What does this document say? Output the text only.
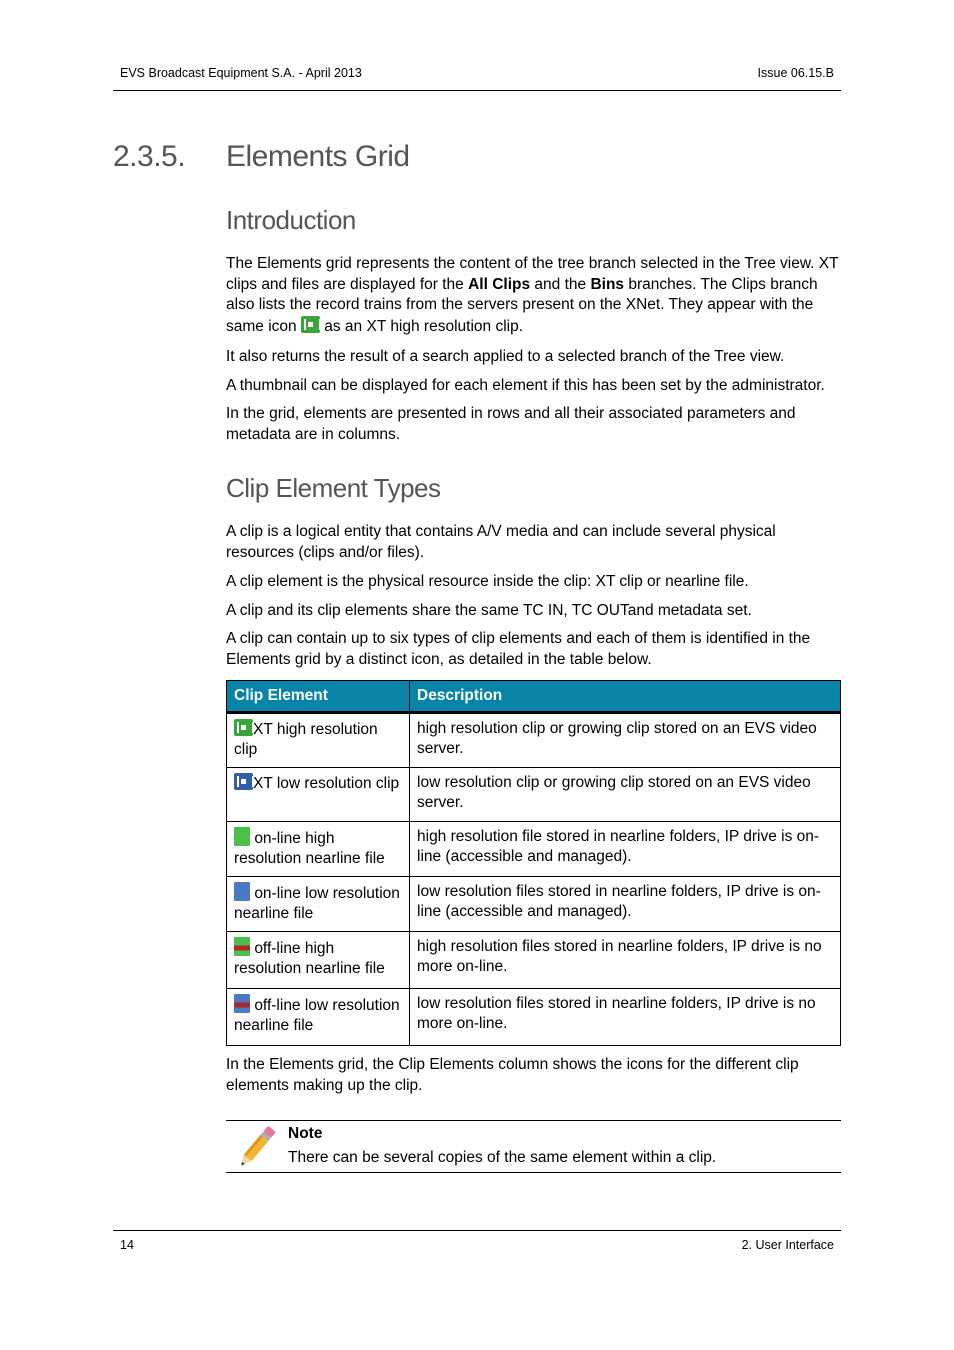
EVS Broadcast Equipment S.A. - April 2013	Issue 06.15.B
2.3.5. Elements Grid
Introduction
The Elements grid represents the content of the tree branch selected in the Tree view. XT clips and files are displayed for the All Clips and the Bins branches. The Clips branch also lists the record trains from the servers present on the XNet. They appear with the same icon  as an XT high resolution clip.
It also returns the result of a search applied to a selected branch of the Tree view.
A thumbnail can be displayed for each element if this has been set by the administrator.
In the grid, elements are presented in rows and all their associated parameters and metadata are in columns.
Clip Element Types
A clip is a logical entity that contains A/V media and can include several physical resources (clips and/or files).
A clip element is the physical resource inside the clip: XT clip or nearline file.
A clip and its clip elements share the same TC IN, TC OUTand metadata set.
A clip can contain up to six types of clip elements and each of them is identified in the Elements grid by a distinct icon, as detailed in the table below.
Clip Element	Description
XT high resolution clip	high resolution clip or growing clip stored on an EVS video server.
XT low resolution clip	low resolution clip or growing clip stored on an EVS video server.
on-line high resolution nearline file	high resolution file stored in nearline folders, IP drive is on-line (accessible and managed).
on-line low resolution nearline file	low resolution files stored in nearline folders, IP drive is on-line (accessible and managed).
off-line high resolution nearline file	high resolution files stored in nearline folders, IP drive is no more on-line.
off-line low resolution nearline file	low resolution files stored in nearline folders, IP drive is no more on-line.
In the Elements grid, the Clip Elements column shows the icons for the different clip elements making up the clip.
Note
There can be several copies of the same element within a clip.
14	2. User Interface
